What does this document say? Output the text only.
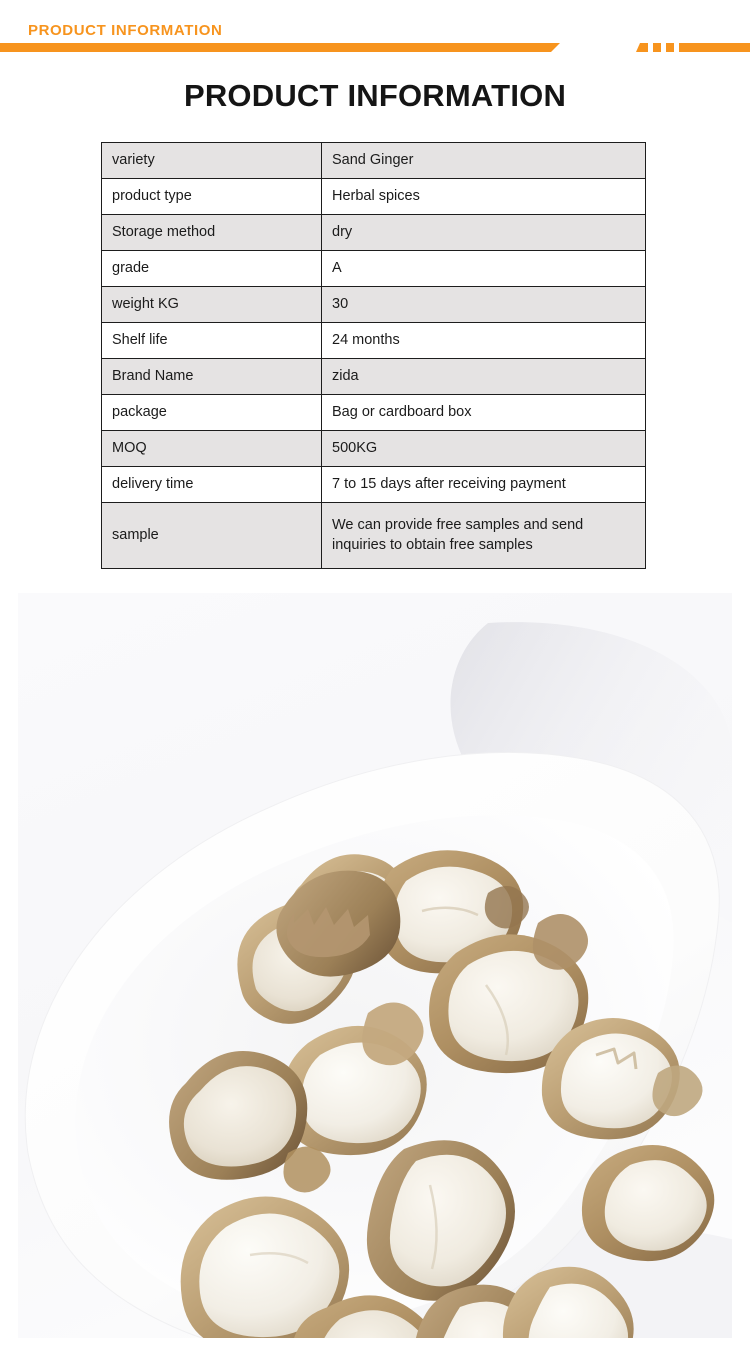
PRODUCT INFORMATION
PRODUCT INFORMATION
variety	Sand Ginger
product type	Herbal spices
Storage method	dry
grade	A
weight KG	30
Shelf life	24 months
Brand Name	zida
package	Bag or cardboard box
MOQ	500KG
delivery time	7 to 15 days after receiving payment
sample	We can provide free samples and send inquiries to obtain free samples
